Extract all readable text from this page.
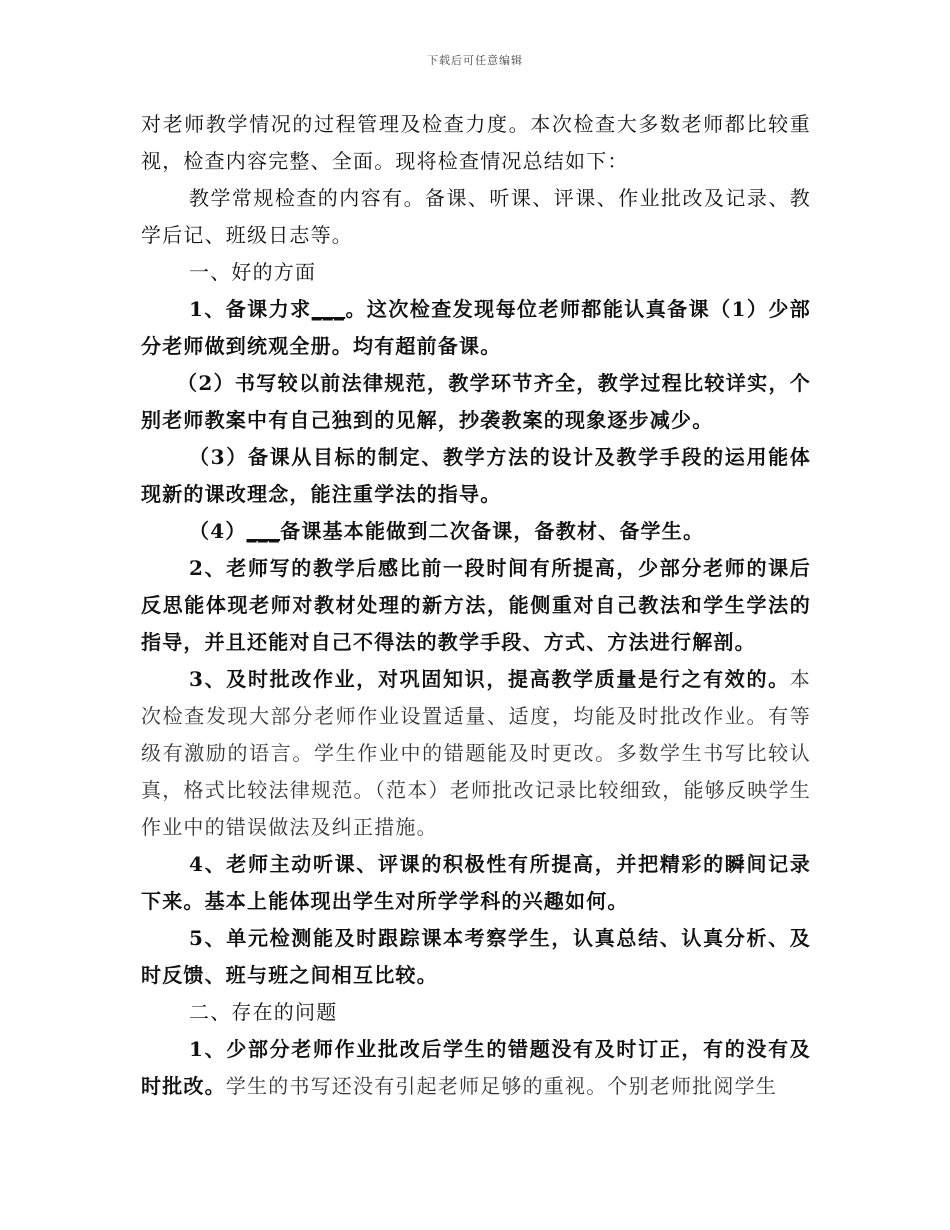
下载后可任意编辑

对老师教学情况的过程管理及检查力度。本次检查大多数老师都比较重视，检查内容完整、全面。现将检查情况总结如下：

教学常规检查的内容有。备课、听课、评课、作业批改及记录、教学后记、班级日志等。

一、好的方面

1、备课力求___。这次检查发现每位老师都能认真备课（1）少部分老师做到统观全册。均有超前备课。

（2）书写较以前法律规范，教学环节齐全，教学过程比较详实，个别老师教案中有自己独到的见解，抄袭教案的现象逐步减少。

（3）备课从目标的制定、教学方法的设计及教学手段的运用能体现新的课改理念，能注重学法的指导。

（4）___备课基本能做到二次备课，备教材、备学生。

2、老师写的教学后感比前一段时间有所提高，少部分老师的课后反思能体现老师对教材处理的新方法，能侧重对自己教法和学生学法的指导，并且还能对自己不得法的教学手段、方式、方法进行解剖。

3、及时批改作业，对巩固知识，提高教学质量是行之有效的。本次检查发现大部分老师作业设置适量、适度，均能及时批改作业。有等级有激励的语言。学生作业中的错题能及时更改。多数学生书写比较认真，格式比较法律规范。（范本）老师批改记录比较细致，能够反映学生作业中的错误做法及纠正措施。

4、老师主动听课、评课的积极性有所提高，并把精彩的瞬间记录下来。基本上能体现出学生对所学学科的兴趣如何。

5、单元检测能及时跟踪课本考察学生，认真总结、认真分析、及时反馈、班与班之间相互比较。

二、存在的问题

1、少部分老师作业批改后学生的错题没有及时订正，有的没有及时批改。学生的书写还没有引起老师足够的重视。个别老师批阅学生
